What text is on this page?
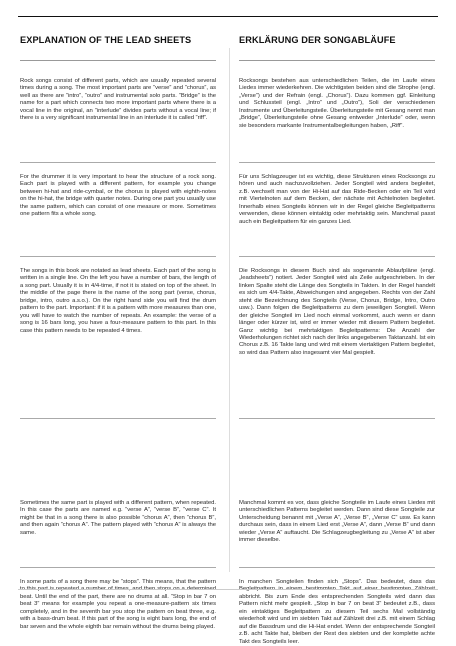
EXPLANATION OF THE LEAD SHEETS

Rock songs consist of different parts, which are usually repeated several times during a song. The most important parts are “verse” and “chorus”, as well as there are “intro”, “outro” and instrumental solo parts. “Bridge” is the name for a part which connects two more important parts where there is a vocal line in the original, an “interlude” divides parts without a vocal line; if there is a very significant instrumental line in an interlude it is called “riff”.

For the drummer it is very important to hear the structure of a rock song. Each part is played with a different pattern, for example you change between hi-hat and ride-cymbal, or the chorus is played with eighth-notes on the hi-hat, the bridge with quarter notes. During one part you usually use the same pattern, which can consist of one measure or more. Sometimes one pattern fits a whole song.

The songs in this book are notated as lead sheets. Each part of the song is written in a single line. On the left you have a number of bars, the length of a song part. Usually it is in 4/4-time, if not it is stated on top of the sheet. In the middle of the page there is the name of the song part (verse, chorus, bridge, intro, outro a.s.o.). On the right hand side you will find the drum pattern to the part. Important: if it is a pattern with more measures than one, you will have to watch the number of repeats. An example: the verse of a song is 16 bars long, you have a four-measure pattern to this part. In this case this pattern needs to be repeated 4 times.

Sometimes the same part is played with a different pattern, when repeated. In this case the parts are named e.g. “verse A”, “verse B”, “verse C”. It might be that in a song there is also possible “chorus A”, then “chorus B”, and then again “chorus A”. The pattern played with “chorus A” is always the same.

In some parts of a song there may be “stops”. This means, that the pattern to this part is repeated a number of times, and then stops on a determined beat. Until the end of the part, there are no drums at all. “Stop in bar 7 on beat 3” means for example you repeat a one-measure-pattern six times completely, and in the seventh bar you stop the pattern on beat three, e.g. with a bass-drum beat. If this part of the song is eight bars long, the end of bar seven and the whole eighth bar remain without the drums being played.

ERKLÄRUNG DER SONGABLÄUFE

Rocksongs bestehen aus unterschiedlichen Teilen, die im Laufe eines Liedes immer wiederkehren. Die wichtigsten beiden sind die Strophe (engl. „Verse“) und der Refrain (engl. „Chorus“). Dazu kommen ggf. Einleitung und Schlussteil (engl. „Intro“ und „Outro“), Soli der verschiedenen Instrumente und Überleitungsteile. Überleitungsteile mit Gesang nennt man „Bridge“, Überleitungsteile ohne Gesang entweder „Interlude“ oder, wenn sie besonders markante Instrumentalbegleitungen haben, „Riff“.

Für uns Schlagzeuger ist es wichtig, diese Strukturen eines Rocksongs zu hören und auch nachzuvollziehen. Jeder Songteil wird anders begleitet, z.B. wechselt man von der Hi-Hat auf das Ride-Becken oder ein Teil wird mit Viertelnoten auf dem Becken, der nächste mit Achtelnoten begleitet. Innerhalb eines Songteils können wir in der Regel gleiche Begleitpatterns verwenden, diese können eintaktig oder mehrtaktig sein. Manchmal passt auch ein Begleitpattern für ein ganzes Lied.

Die Rocksongs in diesem Buch sind als sogenannte Ablaufpläne (engl. „leadsheets“) notiert. Jeder Songteil wird als Zeile aufgeschrieben. In der linken Spalte steht die Länge des Songteils in Takten. In der Regel handelt es sich um 4/4-Takte, Abweichungen sind angegeben. Rechts von der Zahl steht die Bezeichnung des Songteils (Verse, Chorus, Bridge, Intro, Outro usw.). Dann folgen die Begleitpatterns zu dem jeweiligen Songteil. Wenn der gleiche Songteil im Lied noch einmal vorkommt, auch wenn er dann länger oder kürzer ist, wird er immer wieder mit diesem Pattern begleitet. Ganz wichtig bei mehrtaktigen Begleitpatterns: Die Anzahl der Wiederholungen richtet sich nach der links angegebenen Taktanzahl. Ist ein Chorus z.B. 16 Takte lang und wird mit einem viertaktigen Pattern begleitet, so wird das Pattern also insgesamt vier Mal gespielt.

Manchmal kommt es vor, dass gleiche Songteile im Laufe eines Liedes mit unterschiedlichen Patterns begleitet werden. Dann sind diese Songteile zur Unterscheidung benannt mit „Verse A“, „Verse B“, „Verse C“ usw. Es kann durchaus sein, dass in einem Lied erst „Verse A“, dann „Verse B“ und dann wieder „Verse A“ auftaucht. Die Schlagzeugbegleitung zu „Verse A“ ist aber immer dieselbe.

In manchen Songteilen finden sich „Stops“. Das bedeutet, dass das Begleitpattern in einem bestimmten Takt auf einer bestimmten Zählzeit abbricht. Bis zum Ende des entsprechenden Songteils wird dann das Pattern nicht mehr gespielt. „Stop in bar 7 on beat 3“ bedeutet z.B., dass ein eintaktiges Begleitpattern zu diesem Teil sechs Mal vollständig wiederholt wird und im siebten Takt auf Zählzeit drei z.B. mit einem Schlag auf die Bassdrum und die Hi-Hat endet. Wenn der entsprechende Songteil z.B. acht Takte hat, bleiben der Rest des siebten und der komplette achte Takt des Songteils leer.
